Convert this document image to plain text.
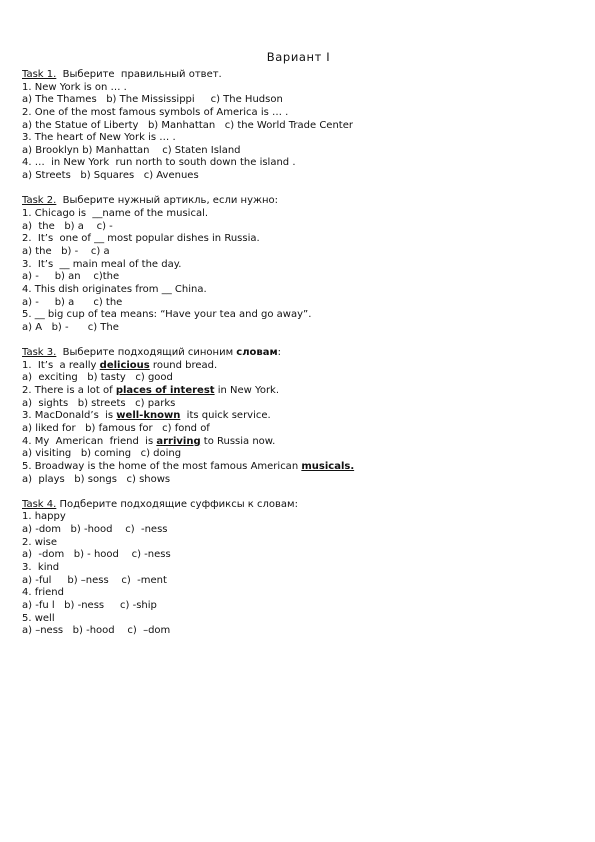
Вариант I
Task 1.  Выберите  правильный ответ.
1. New York is on … .
a) The Thames   b) The Mississippi     c) The Hudson
2. One of the most famous symbols of America is … .
a) the Statue of Liberty   b) Manhattan   c) the World Trade Center
3. The heart of New York is … .
a) Brooklyn b) Manhattan    c) Staten Island
4. …  in New York  run north to south down the island .
a) Streets   b) Squares   c) Avenues
Task 2.  Выберите нужный артикль, если нужно:
1. Chicago is  __name of the musical.
a)  the   b) a    c) -
2.  It’s  one of __ most popular dishes in Russia.
a) the   b) -    c) a
3.  It’s  __ main meal of the day.
a) -     b) an    c)the
4. This dish originates from __ China.
a) -     b) a      c) the
5. __ big cup of tea means: “Have your tea and go away”.
a) A   b) -      c) The
Task 3.  Выберите подходящий синоним словам:
1.  It’s  a really delicious round bread.
a)  exciting   b) tasty   c) good
2. There is a lot of places of interest in New York.
a)  sights   b) streets   c) parks
3. MacDonald’s  is well-known  its quick service.
a) liked for   b) famous for   c) fond of
4. My  American  friend  is arriving to Russia now.
a) visiting   b) coming   c) doing
5. Broadway is the home of the most famous American musicals.
a)  plays   b) songs   c) shows
Task 4. Подберите подходящие суффиксы к словам:
1. happy
a) -dom   b) -hood    c)  -ness
2. wise
a)  -dom   b) - hood    c) -ness
3.  kind
a) -ful     b) –ness    c)  -ment
4. friend
a) -fu l   b) -ness     c) -ship
5. well
a) –ness   b) -hood    c)  –dom
